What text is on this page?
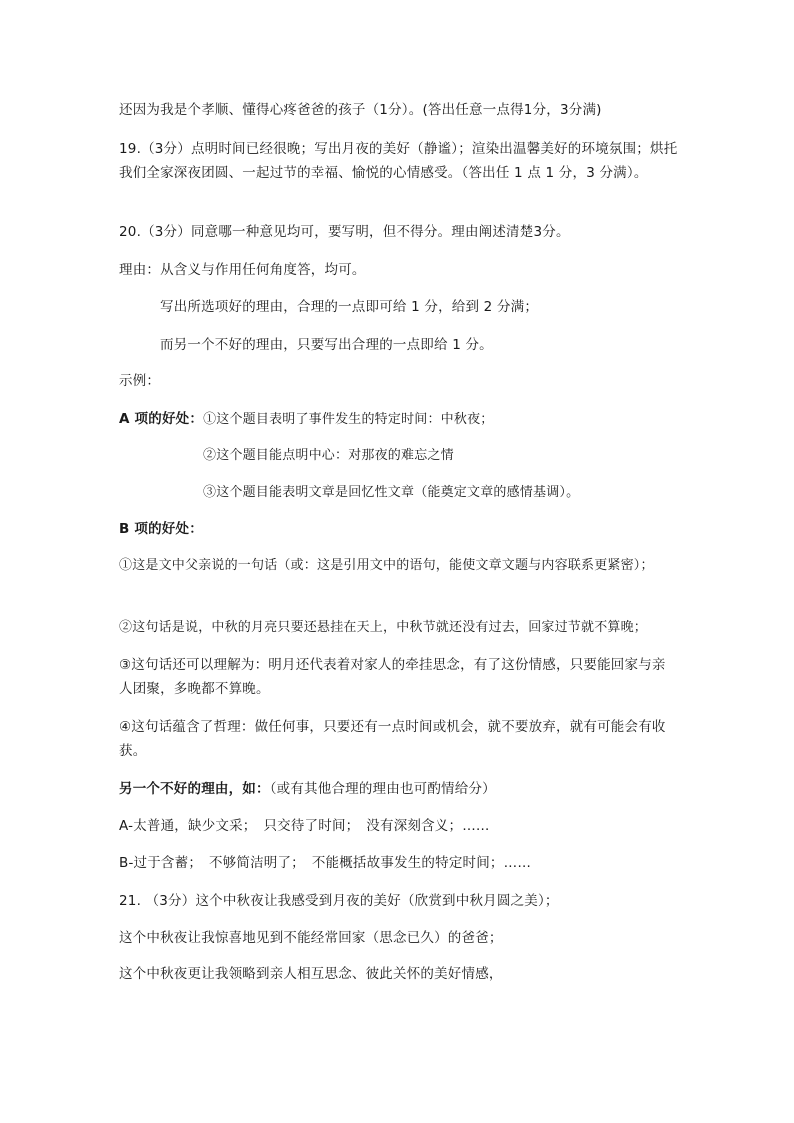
还因为我是个孝顺、懂得心疼爸爸的孩子（1分）。(答出任意一点得1分，3分满)
19.（3分）点明时间已经很晚；写出月夜的美好（静谧）；渲染出温馨美好的环境氛围；烘托我们全家深夜团圆、一起过节的幸福、愉悦的心情感受。（答出任 1 点 1 分，3 分满）。
20.（3分）同意哪一种意见均可，要写明，但不得分。理由阐述清楚3分。
理由：从含义与作用任何角度答，均可。
写出所选项好的理由，合理的一点即可给 1 分，给到 2 分满；
而另一个不好的理由，只要写出合理的一点即给 1 分。
示例：
A 项的好处：①这个题目表明了事件发生的特定时间：中秋夜；
②这个题目能点明中心：对那夜的难忘之情
③这个题目能表明文章是回忆性文章（能奠定文章的感情基调）。
B 项的好处：
①这是文中父亲说的一句话（或：这是引用文中的语句，能使文章文题与内容联系更紧密）；
②这句话是说，中秋的月亮只要还悬挂在天上，中秋节就还没有过去，回家过节就不算晚；
③这句话还可以理解为：明月还代表着对家人的牵挂思念，有了这份情感，只要能回家与亲人团聚，多晚都不算晚。
④这句话蕴含了哲理：做任何事，只要还有一点时间或机会，就不要放弃，就有可能会有收获。
另一个不好的理由，如：（或有其他合理的理由也可酌情给分）
A-太普通，缺少文采；　只交待了时间；　没有深刻含义；……
B-过于含蓄；　不够简洁明了；　不能概括故事发生的特定时间；……
21. （3分）这个中秋夜让我感受到月夜的美好（欣赏到中秋月圆之美）；
这个中秋夜让我惊喜地见到不能经常回家（思念已久）的爸爸；
这个中秋夜更让我领略到亲人相互思念、彼此关怀的美好情感，
